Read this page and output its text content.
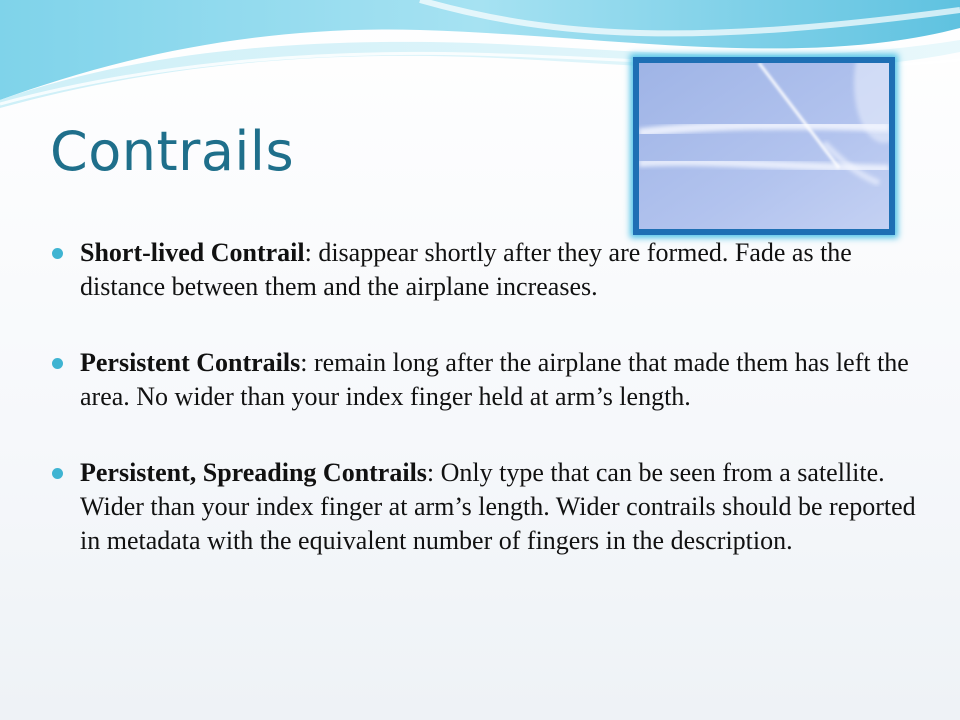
Contrails
Short-lived Contrail: disappear shortly after they are formed. Fade as the distance between them and the airplane increases.
Persistent Contrails: remain long after the airplane that made them has left the area. No wider than your index finger held at arm’s length.
Persistent, Spreading Contrails: Only type that can be seen from a satellite. Wider than your index finger at arm’s length. Wider contrails should be reported in metadata with the equivalent number of fingers in the description.
